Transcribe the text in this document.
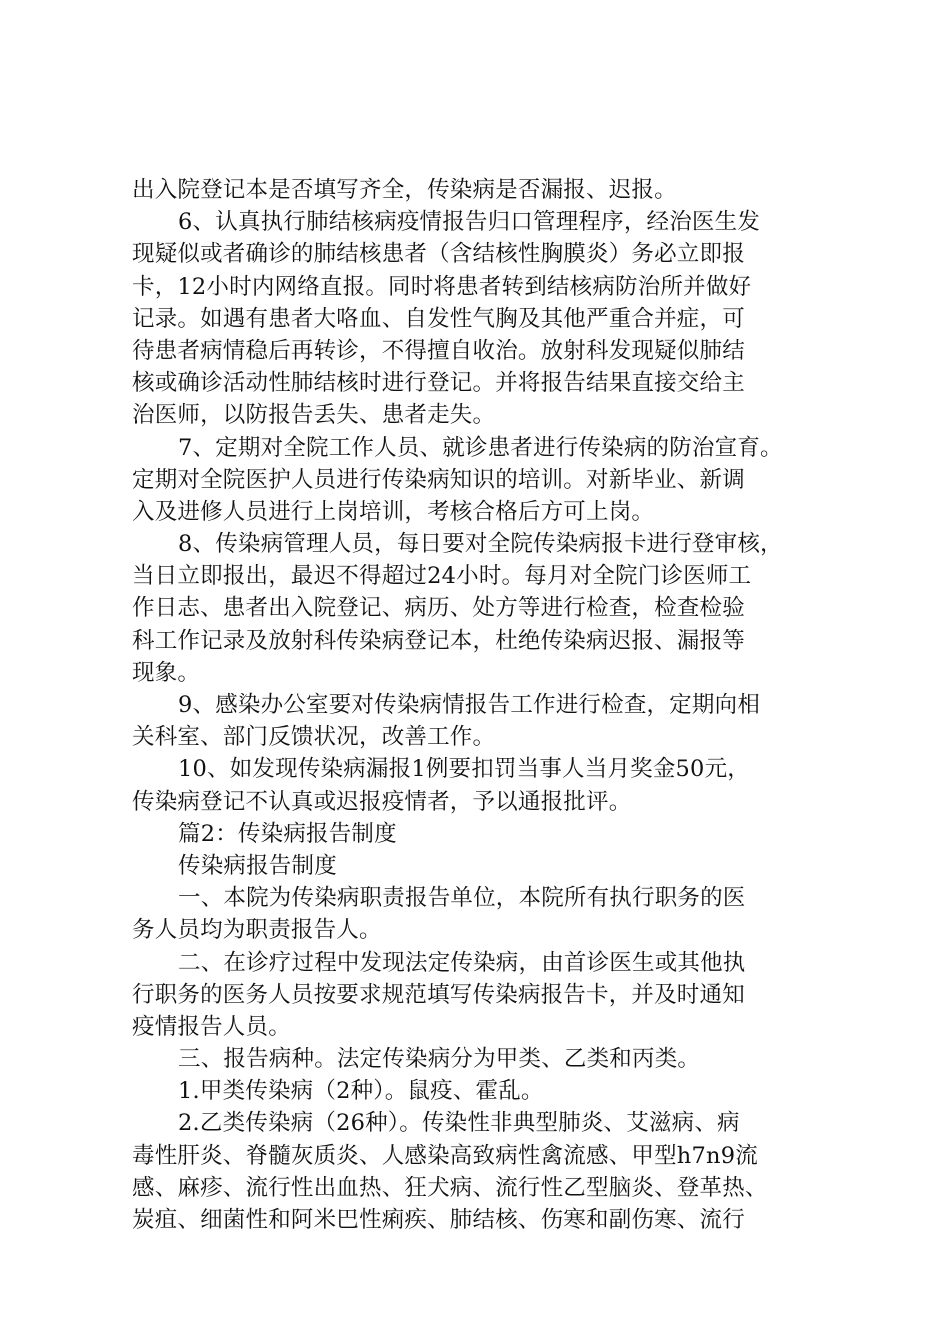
出入院登记本是否填写齐全，传染病是否漏报、迟报。
6、认真执行肺结核病疫情报告归口管理程序，经治医生发
现疑似或者确诊的肺结核患者（含结核性胸膜炎）务必立即报
卡，12小时内网络直报。同时将患者转到结核病防治所并做好
记录。如遇有患者大咯血、自发性气胸及其他严重合并症，可
待患者病情稳后再转诊，不得擅自收治。放射科发现疑似肺结
核或确诊活动性肺结核时进行登记。并将报告结果直接交给主
治医师，以防报告丢失、患者走失。
7、定期对全院工作人员、就诊患者进行传染病的防治宣育。
定期对全院医护人员进行传染病知识的培训。对新毕业、新调
入及进修人员进行上岗培训，考核合格后方可上岗。
8、传染病管理人员，每日要对全院传染病报卡进行登审核，
当日立即报出，最迟不得超过24小时。每月对全院门诊医师工
作日志、患者出入院登记、病历、处方等进行检查，检查检验
科工作记录及放射科传染病登记本，杜绝传染病迟报、漏报等
现象。
9、感染办公室要对传染病情报告工作进行检查，定期向相
关科室、部门反馈状况，改善工作。
10、如发现传染病漏报1例要扣罚当事人当月奖金50元，
传染病登记不认真或迟报疫情者，予以通报批评。
篇2：传染病报告制度
传染病报告制度
一、本院为传染病职责报告单位，本院所有执行职务的医
务人员均为职责报告人。
二、在诊疗过程中发现法定传染病，由首诊医生或其他执
行职务的医务人员按要求规范填写传染病报告卡，并及时通知
疫情报告人员。
三、报告病种。法定传染病分为甲类、乙类和丙类。
1.甲类传染病（2种）。鼠疫、霍乱。
2.乙类传染病（26种）。传染性非典型肺炎、艾滋病、病
毒性肝炎、脊髓灰质炎、人感染高致病性禽流感、甲型h7n9流
感、麻疹、流行性出血热、狂犬病、流行性乙型脑炎、登革热、
炭疽、细菌性和阿米巴性痢疾、肺结核、伤寒和副伤寒、流行
